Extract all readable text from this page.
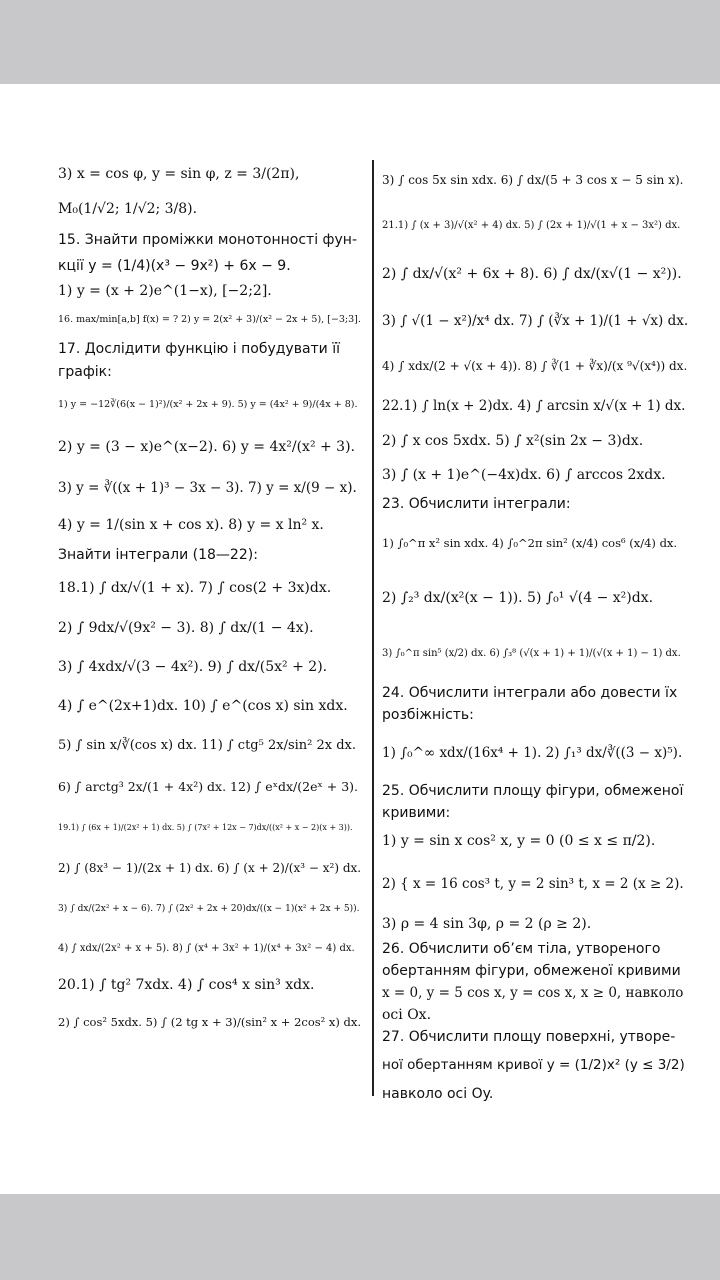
3) x = cos φ, y = sin φ, z = 3/(2π),
M₀(1/√2; 1/√2; 3/8).
15. Знайти проміжки монотонності фун-
кції y = (1/4)(x³ − 9x²) + 6x − 9.
1) y = (x + 2)e^(1−x), [−2;2].
16. max/min[a,b] f(x) = ? 2) y = 2(x² + 3)/(x² − 2x + 5), [−3;3].
17. Дослідити функцію і побудувати її
графік:
1) y = −12∛(6(x − 1)²)/(x² + 2x + 9). 5) y = (4x² + 9)/(4x + 8).
2) y = (3 − x)e^(x−2). 6) y = 4x²/(x² + 3).
3) y = ∛((x + 1)³ − 3x − 3). 7) y = x/(9 − x).
4) y = 1/(sin x + cos x). 8) y = x ln² x.
Знайти інтеграли (18—22):
18.1) ∫ dx/√(1 + x). 7) ∫ cos(2 + 3x)dx.
2) ∫ 9dx/√(9x² − 3). 8) ∫ dx/(1 − 4x).
3) ∫ 4xdx/√(3 − 4x²). 9) ∫ dx/(5x² + 2).
4) ∫ e^(2x+1)dx. 10) ∫ e^(cos x) sin xdx.
5) ∫ sin x/∛(cos x) dx. 11) ∫ ctg⁵ 2x/sin² 2x dx.
6) ∫ arctg³ 2x/(1 + 4x²) dx. 12) ∫ eˣdx/(2eˣ + 3).
19.1) ∫ (6x + 1)/(2x² + 1) dx. 5) ∫ (7x² + 12x − 7)dx/((x² + x − 2)(x + 3)).
2) ∫ (8x³ − 1)/(2x + 1) dx. 6) ∫ (x + 2)/(x³ − x²) dx.
3) ∫ dx/(2x² + x − 6). 7) ∫ (2x² + 2x + 20)dx/((x − 1)(x² + 2x + 5)).
4) ∫ xdx/(2x² + x + 5). 8) ∫ (x⁴ + 3x² + 1)/(x⁴ + 3x² − 4) dx.
20.1) ∫ tg² 7xdx. 4) ∫ cos⁴ x sin³ xdx.
2) ∫ cos² 5xdx. 5) ∫ (2 tg x + 3)/(sin² x + 2cos² x) dx.
3) ∫ cos 5x sin xdx. 6) ∫ dx/(5 + 3 cos x − 5 sin x).
21.1) ∫ (x + 3)/√(x² + 4) dx. 5) ∫ (2x + 1)/√(1 + x − 3x²) dx.
2) ∫ dx/√(x² + 6x + 8). 6) ∫ dx/(x√(1 − x²)).
3) ∫ √(1 − x²)/x⁴ dx. 7) ∫ (∛x + 1)/(1 + √x) dx.
4) ∫ xdx/(2 + √(x + 4)). 8) ∫ ∛(1 + ∛x)/(x ⁹√(x⁴)) dx.
22.1) ∫ ln(x + 2)dx. 4) ∫ arcsin x/√(x + 1) dx.
2) ∫ x cos 5xdx. 5) ∫ x²(sin 2x − 3)dx.
3) ∫ (x + 1)e^(−4x)dx. 6) ∫ arccos 2xdx.
23. Обчислити інтеграли:
1) ∫₀^π x² sin xdx. 4) ∫₀^2π sin² (x/4) cos⁶ (x/4) dx.
2) ∫₂³ dx/(x²(x − 1)). 5) ∫₀¹ √(4 − x²)dx.
3) ∫₀^π sin⁵ (x/2) dx. 6) ∫₃⁸ (√(x + 1) + 1)/(√(x + 1) − 1) dx.
24. Обчислити інтеграли або довести їх
розбіжність:
1) ∫₀^∞ xdx/(16x⁴ + 1). 2) ∫₁³ dx/∛((3 − x)⁵).
25. Обчислити площу фігури, обмеженої
кривими:
1) y = sin x cos² x, y = 0 (0 ≤ x ≤ π/2).
2) { x = 16 cos³ t, y = 2 sin³ t, x = 2 (x ≥ 2).
3) ρ = 4 sin 3φ, ρ = 2 (ρ ≥ 2).
26. Обчислити об’єм тіла, утвореного
обертанням фігури, обмеженої кривими
x = 0, y = 5 cos x, y = cos x, x ≥ 0, навколо
осі Ox.
27. Обчислити площу поверхні, утворе-
ної обертанням кривої y = (1/2)x² (y ≤ 3/2)
навколо осі Oy.
